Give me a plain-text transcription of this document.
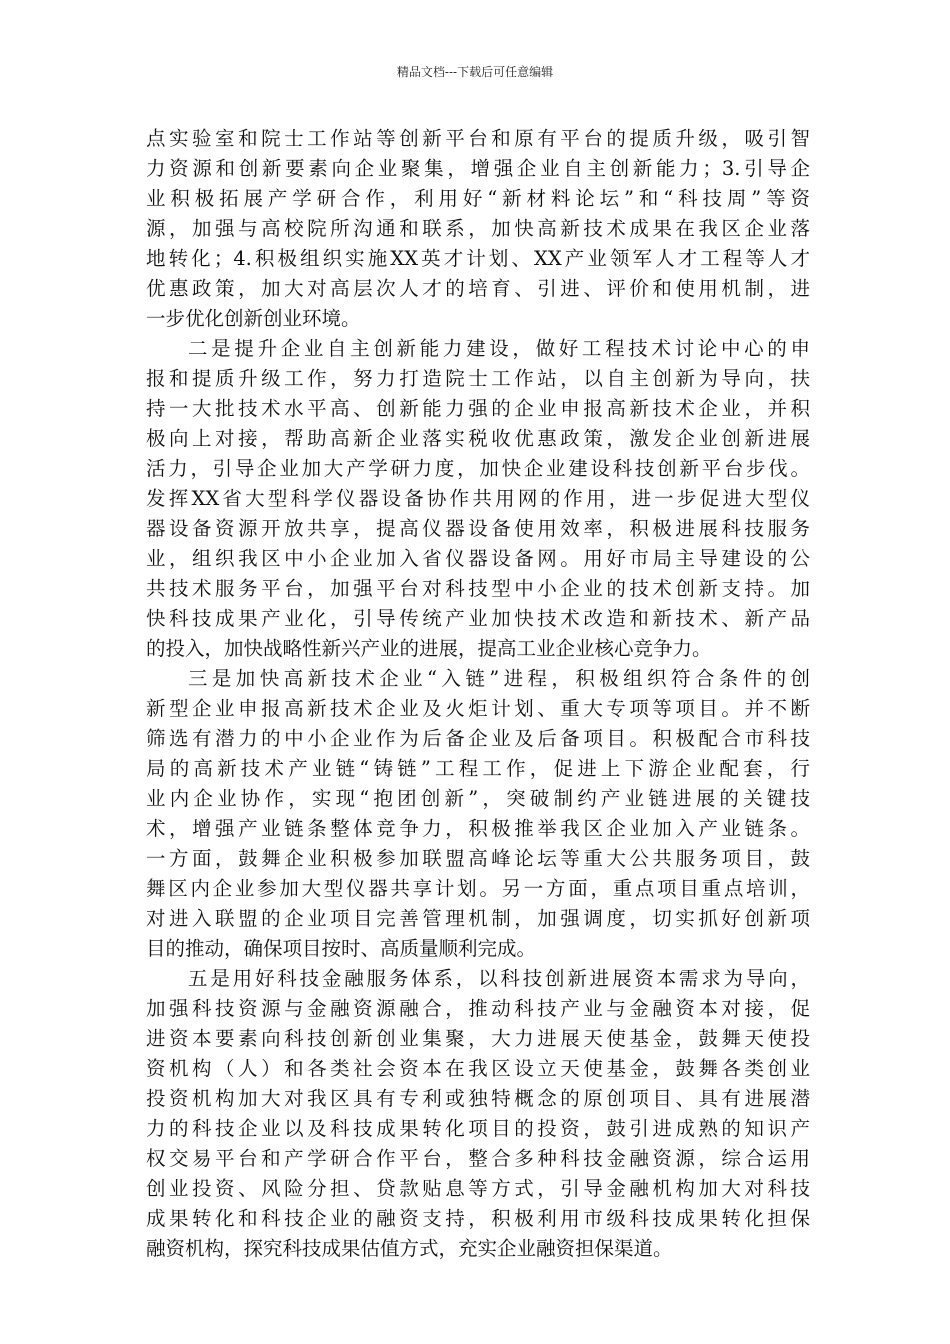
精品文档---下载后可任意编辑
点实验室和院士工作站等创新平台和原有平台的提质升级，吸引智
力资源和创新要素向企业聚集，增强企业自主创新能力；3.引导企
业积极拓展产学研合作，利用好“新材料论坛”和“科技周”等资
源，加强与高校院所沟通和联系，加快高新技术成果在我区企业落
地转化；4.积极组织实施XX英才计划、XX产业领军人才工程等人才
优惠政策，加大对高层次人才的培育、引进、评价和使用机制，进
一步优化创新创业环境。
二是提升企业自主创新能力建设，做好工程技术讨论中心的申
报和提质升级工作，努力打造院士工作站，以自主创新为导向，扶
持一大批技术水平高、创新能力强的企业申报高新技术企业，并积
极向上对接，帮助高新企业落实税收优惠政策，激发企业创新进展
活力，引导企业加大产学研力度，加快企业建设科技创新平台步伐。
发挥XX省大型科学仪器设备协作共用网的作用，进一步促进大型仪
器设备资源开放共享，提高仪器设备使用效率，积极进展科技服务
业，组织我区中小企业加入省仪器设备网。用好市局主导建设的公
共技术服务平台，加强平台对科技型中小企业的技术创新支持。加
快科技成果产业化，引导传统产业加快技术改造和新技术、新产品
的投入，加快战略性新兴产业的进展，提高工业企业核心竞争力。
三是加快高新技术企业“入链”进程，积极组织符合条件的创
新型企业申报高新技术企业及火炬计划、重大专项等项目。并不断
筛选有潜力的中小企业作为后备企业及后备项目。积极配合市科技
局的高新技术产业链“铸链”工程工作，促进上下游企业配套，行
业内企业协作，实现“抱团创新”，突破制约产业链进展的关键技
术，增强产业链条整体竞争力，积极推举我区企业加入产业链条。
一方面，鼓舞企业积极参加联盟高峰论坛等重大公共服务项目，鼓
舞区内企业参加大型仪器共享计划。另一方面，重点项目重点培训，
对进入联盟的企业项目完善管理机制，加强调度，切实抓好创新项
目的推动，确保项目按时、高质量顺利完成。
五是用好科技金融服务体系，以科技创新进展资本需求为导向，
加强科技资源与金融资源融合，推动科技产业与金融资本对接，促
进资本要素向科技创新创业集聚，大力进展天使基金，鼓舞天使投
资机构（人）和各类社会资本在我区设立天使基金，鼓舞各类创业
投资机构加大对我区具有专利或独特概念的原创项目、具有进展潜
力的科技企业以及科技成果转化项目的投资，鼓引进成熟的知识产
权交易平台和产学研合作平台，整合多种科技金融资源，综合运用
创业投资、风险分担、贷款贴息等方式，引导金融机构加大对科技
成果转化和科技企业的融资支持，积极利用市级科技成果转化担保
融资机构，探究科技成果估值方式，充实企业融资担保渠道。
